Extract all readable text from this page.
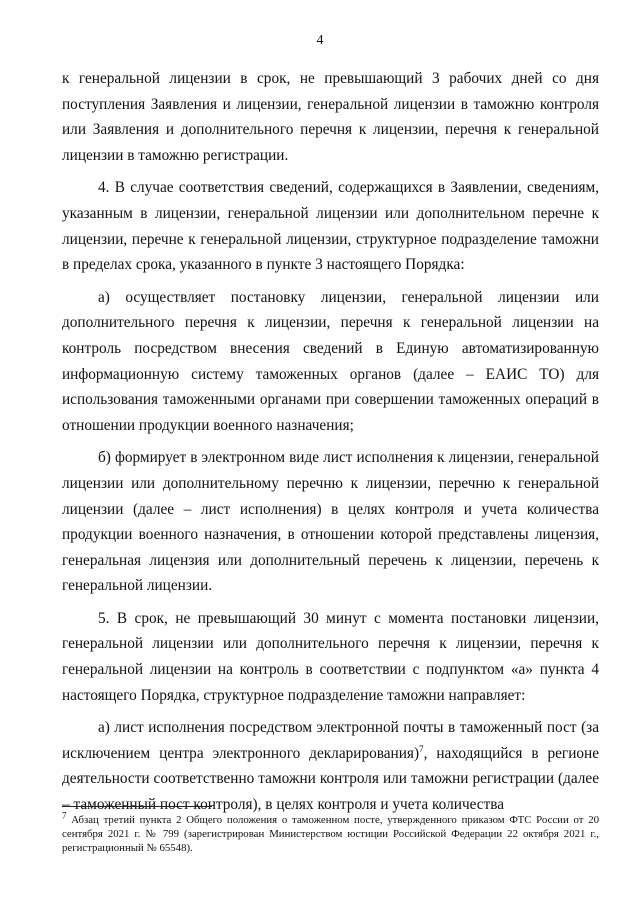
4

к генеральной лицензии в срок, не превышающий 3 рабочих дней со дня поступления Заявления и лицензии, генеральной лицензии в таможню контроля или Заявления и дополнительного перечня к лицензии, перечня к генеральной лицензии в таможню регистрации.

4. В случае соответствия сведений, содержащихся в Заявлении, сведениям, указанным в лицензии, генеральной лицензии или дополнительном перечне к лицензии, перечне к генеральной лицензии, структурное подразделение таможни в пределах срока, указанного в пункте 3 настоящего Порядка:

а) осуществляет постановку лицензии, генеральной лицензии или дополнительного перечня к лицензии, перечня к генеральной лицензии на контроль посредством внесения сведений в Единую автоматизированную информационную систему таможенных органов (далее – ЕАИС ТО) для использования таможенными органами при совершении таможенных операций в отношении продукции военного назначения;

б) формирует в электронном виде лист исполнения к лицензии, генеральной лицензии или дополнительному перечню к лицензии, перечню к генеральной лицензии (далее – лист исполнения) в целях контроля и учета количества продукции военного назначения, в отношении которой представлены лицензия, генеральная лицензия или дополнительный перечень к лицензии, перечень к генеральной лицензии.

5. В срок, не превышающий 30 минут с момента постановки лицензии, генеральной лицензии или дополнительного перечня к лицензии, перечня к генеральной лицензии на контроль в соответствии с подпунктом «а» пункта 4 настоящего Порядка, структурное подразделение таможни направляет:

а) лист исполнения посредством электронной почты в таможенный пост (за исключением центра электронного декларирования)$^7$, находящийся в регионе деятельности соответственно таможни контроля или таможни регистрации (далее – таможенный пост контроля), в целях контроля и учета количества

$^7$ Абзац третий пункта 2 Общего положения о таможенном посте, утвержденного приказом ФТС России от 20 сентября 2021 г. № 799 (зарегистрирован Министерством юстиции Российской Федерации 22 октября 2021 г., регистрационный № 65548).
